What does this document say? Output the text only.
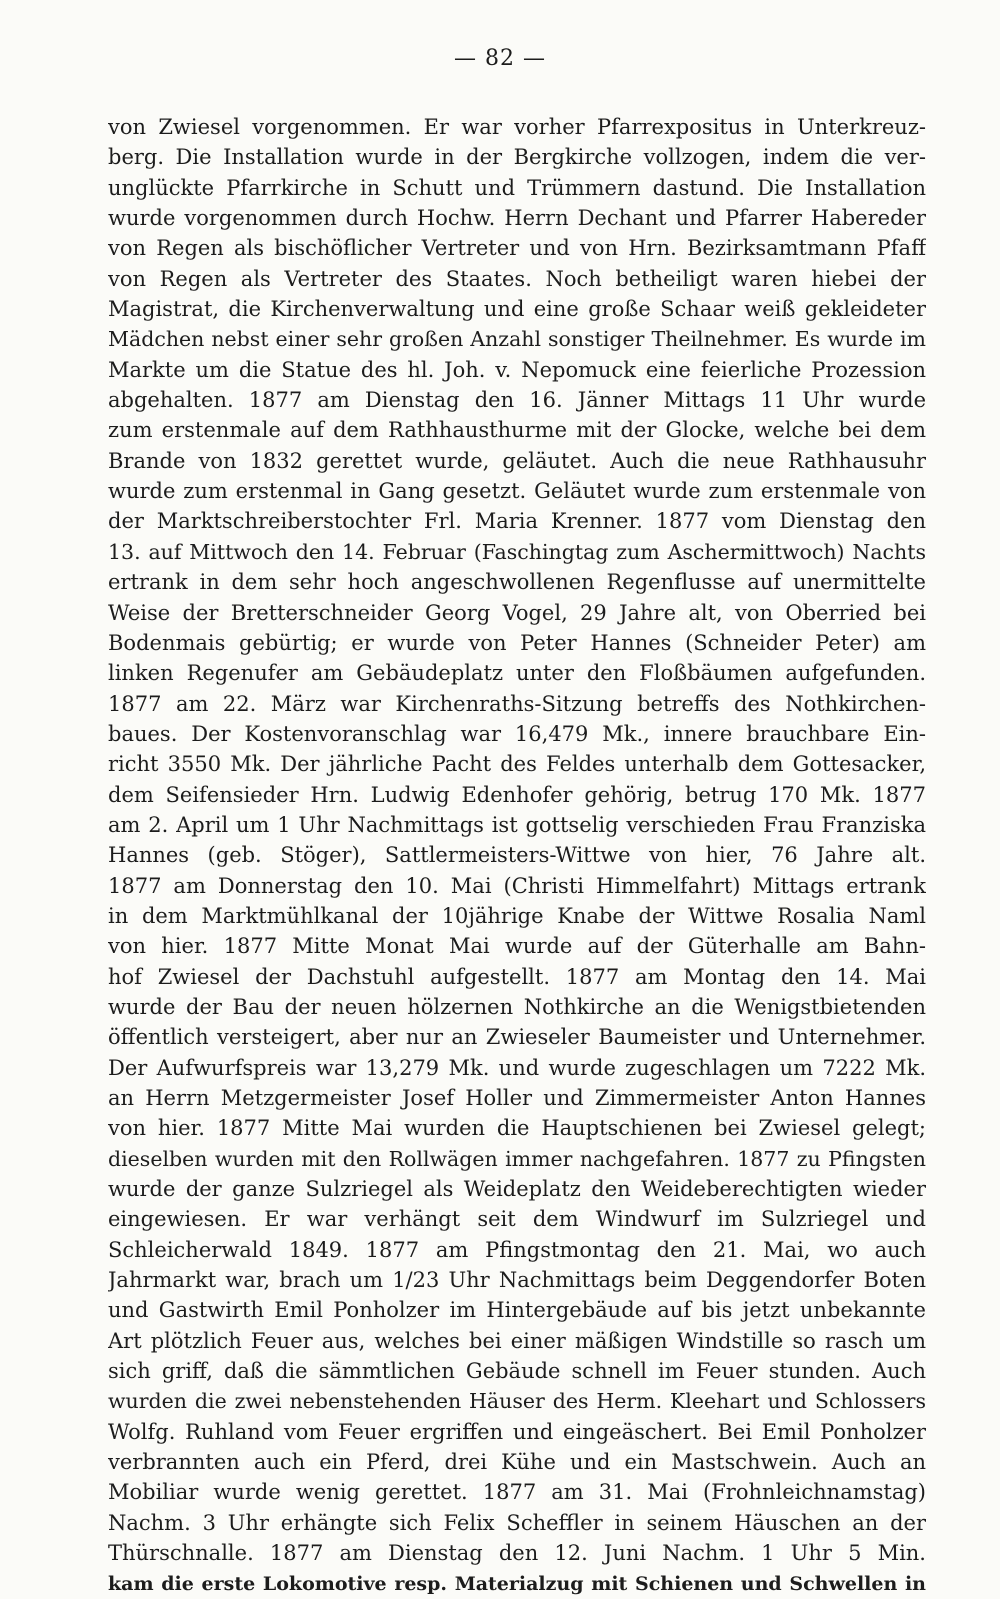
— 82 —
von Zwiesel vorgenommen. Er war vorher Pfarrexpositus in Unterkreuz-
berg. Die Installation wurde in der Bergkirche vollzogen, indem die ver-
unglückte Pfarrkirche in Schutt und Trümmern dastund. Die Installation
wurde vorgenommen durch Hochw. Herrn Dechant und Pfarrer Habereder
von Regen als bischöflicher Vertreter und von Hrn. Bezirksamtmann Pfaff
von Regen als Vertreter des Staates. Noch betheiligt waren hiebei der
Magistrat, die Kirchenverwaltung und eine große Schaar weiß gekleideter
Mädchen nebst einer sehr großen Anzahl sonstiger Theilnehmer. Es wurde im
Markte um die Statue des hl. Joh. v. Nepomuck eine feierliche Prozession
abgehalten. 1877 am Dienstag den 16. Jänner Mittags 11 Uhr wurde
zum erstenmale auf dem Rathhausthurme mit der Glocke, welche bei dem
Brande von 1832 gerettet wurde, geläutet. Auch die neue Rathhausuhr
wurde zum erstenmal in Gang gesetzt. Geläutet wurde zum erstenmale von
der Marktschreiberstochter Frl. Maria Krenner. 1877 vom Dienstag den
13. auf Mittwoch den 14. Februar (Faschingtag zum Aschermittwoch) Nachts
ertrank in dem sehr hoch angeschwollenen Regenflusse auf unermittelte
Weise der Bretterschneider Georg Vogel, 29 Jahre alt, von Oberried bei
Bodenmais gebürtig; er wurde von Peter Hannes (Schneider Peter) am
linken Regenufer am Gebäudeplatz unter den Floßbäumen aufgefunden.
1877 am 22. März war Kirchenraths-Sitzung betreffs des Nothkirchen-
baues. Der Kostenvoranschlag war 16,479 Mk., innere brauchbare Ein-
richt 3550 Mk. Der jährliche Pacht des Feldes unterhalb dem Gottesacker,
dem Seifensieder Hrn. Ludwig Edenhofer gehörig, betrug 170 Mk. 1877
am 2. April um 1 Uhr Nachmittags ist gottselig verschieden Frau Franziska
Hannes (geb. Stöger), Sattlermeisters-Wittwe von hier, 76 Jahre alt.
1877 am Donnerstag den 10. Mai (Christi Himmelfahrt) Mittags ertrank
in dem Marktmühlkanal der 10jährige Knabe der Wittwe Rosalia Naml
von hier. 1877 Mitte Monat Mai wurde auf der Güterhalle am Bahn-
hof Zwiesel der Dachstuhl aufgestellt. 1877 am Montag den 14. Mai
wurde der Bau der neuen hölzernen Nothkirche an die Wenigstbietenden
öffentlich versteigert, aber nur an Zwieseler Baumeister und Unternehmer.
Der Aufwurfspreis war 13,279 Mk. und wurde zugeschlagen um 7222 Mk.
an Herrn Metzgermeister Josef Holler und Zimmermeister Anton Hannes
von hier. 1877 Mitte Mai wurden die Hauptschienen bei Zwiesel gelegt;
dieselben wurden mit den Rollwägen immer nachgefahren. 1877 zu Pfingsten
wurde der ganze Sulzriegel als Weideplatz den Weideberechtigten wieder
eingewiesen. Er war verhängt seit dem Windwurf im Sulzriegel und
Schleicherwald 1849. 1877 am Pfingstmontag den 21. Mai, wo auch
Jahrmarkt war, brach um 1/23 Uhr Nachmittags beim Deggendorfer Boten
und Gastwirth Emil Ponholzer im Hintergebäude auf bis jetzt unbekannte
Art plötzlich Feuer aus, welches bei einer mäßigen Windstille so rasch um
sich griff, daß die sämmtlichen Gebäude schnell im Feuer stunden. Auch
wurden die zwei nebenstehenden Häuser des Herm. Kleehart und Schlossers
Wolfg. Ruhland vom Feuer ergriffen und eingeäschert. Bei Emil Ponholzer
verbrannten auch ein Pferd, drei Kühe und ein Mastschwein. Auch an
Mobiliar wurde wenig gerettet. 1877 am 31. Mai (Frohnleichnamstag)
Nachm. 3 Uhr erhängte sich Felix Scheffler in seinem Häuschen an der
Thürschnalle. 1877 am Dienstag den 12. Juni Nachm. 1 Uhr 5 Min.
kam die erste Lokomotive resp. Materialzug mit Schienen und Schwellen in
